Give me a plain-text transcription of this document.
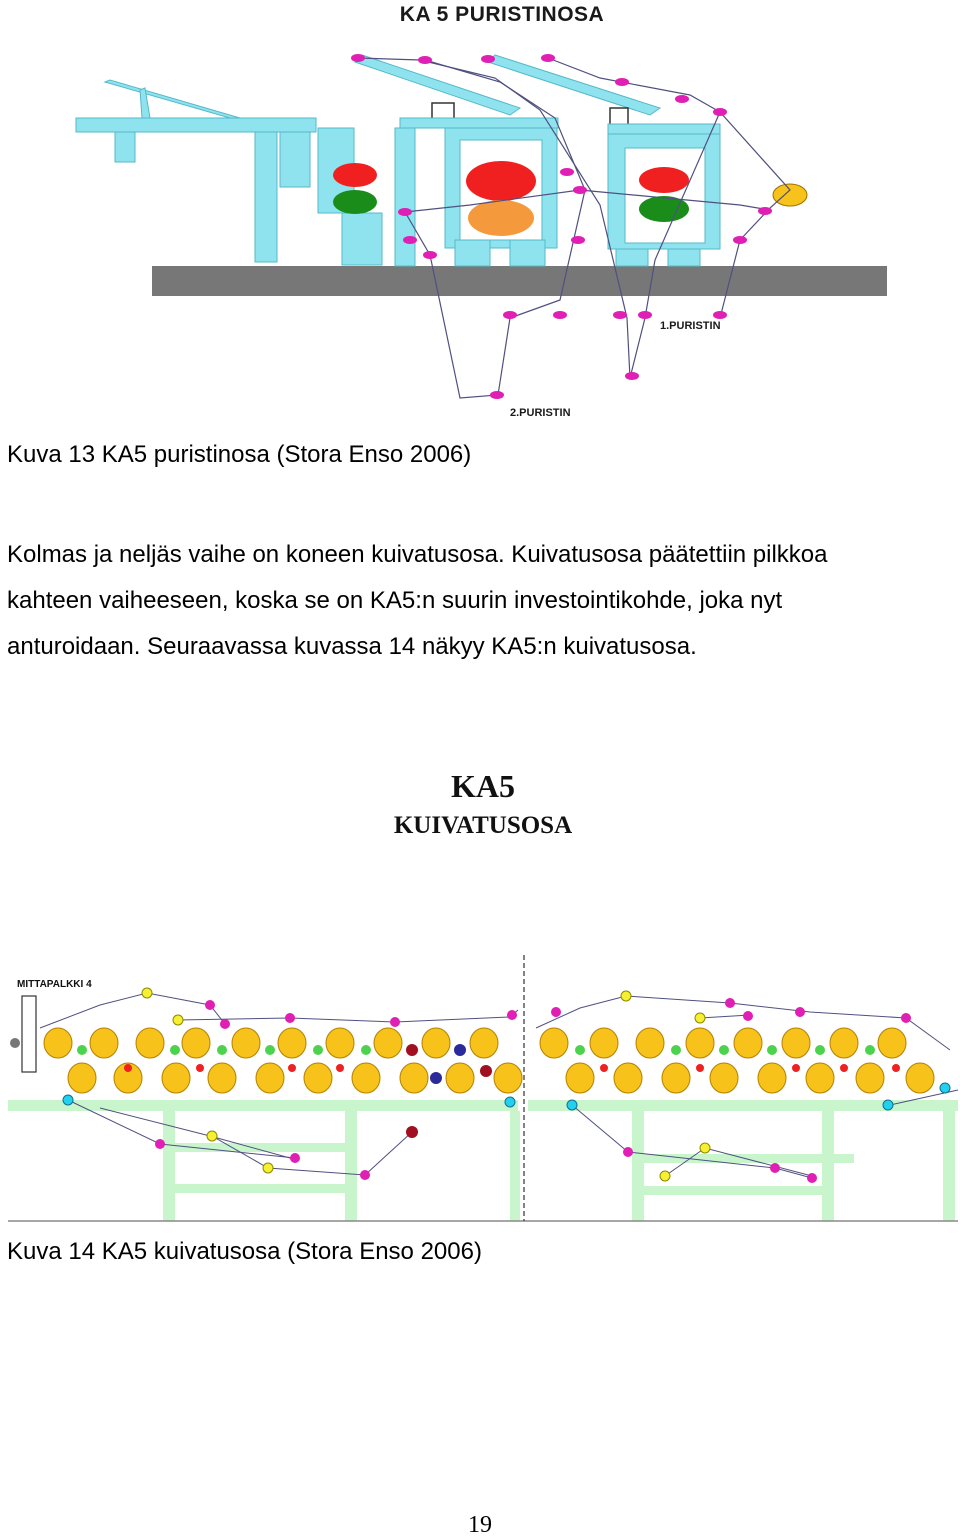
KA 5 PURISTINOSA
1.PURISTIN
2.PURISTIN
Kuva 13 KA5 puristinosa (Stora Enso 2006)
Kolmas ja neljäs vaihe on koneen kuivatusosa. Kuivatusosa päätettiin pilkkoa
kahteen vaiheeseen, koska se on KA5:n suurin investointikohde, joka nyt
anturoidaan. Seuraavassa kuvassa 14 näkyy KA5:n kuivatusosa.
KA5
KUIVATUSOSA
MITTAPALKKI 4
Kuva 14 KA5 kuivatusosa (Stora Enso 2006)
19
